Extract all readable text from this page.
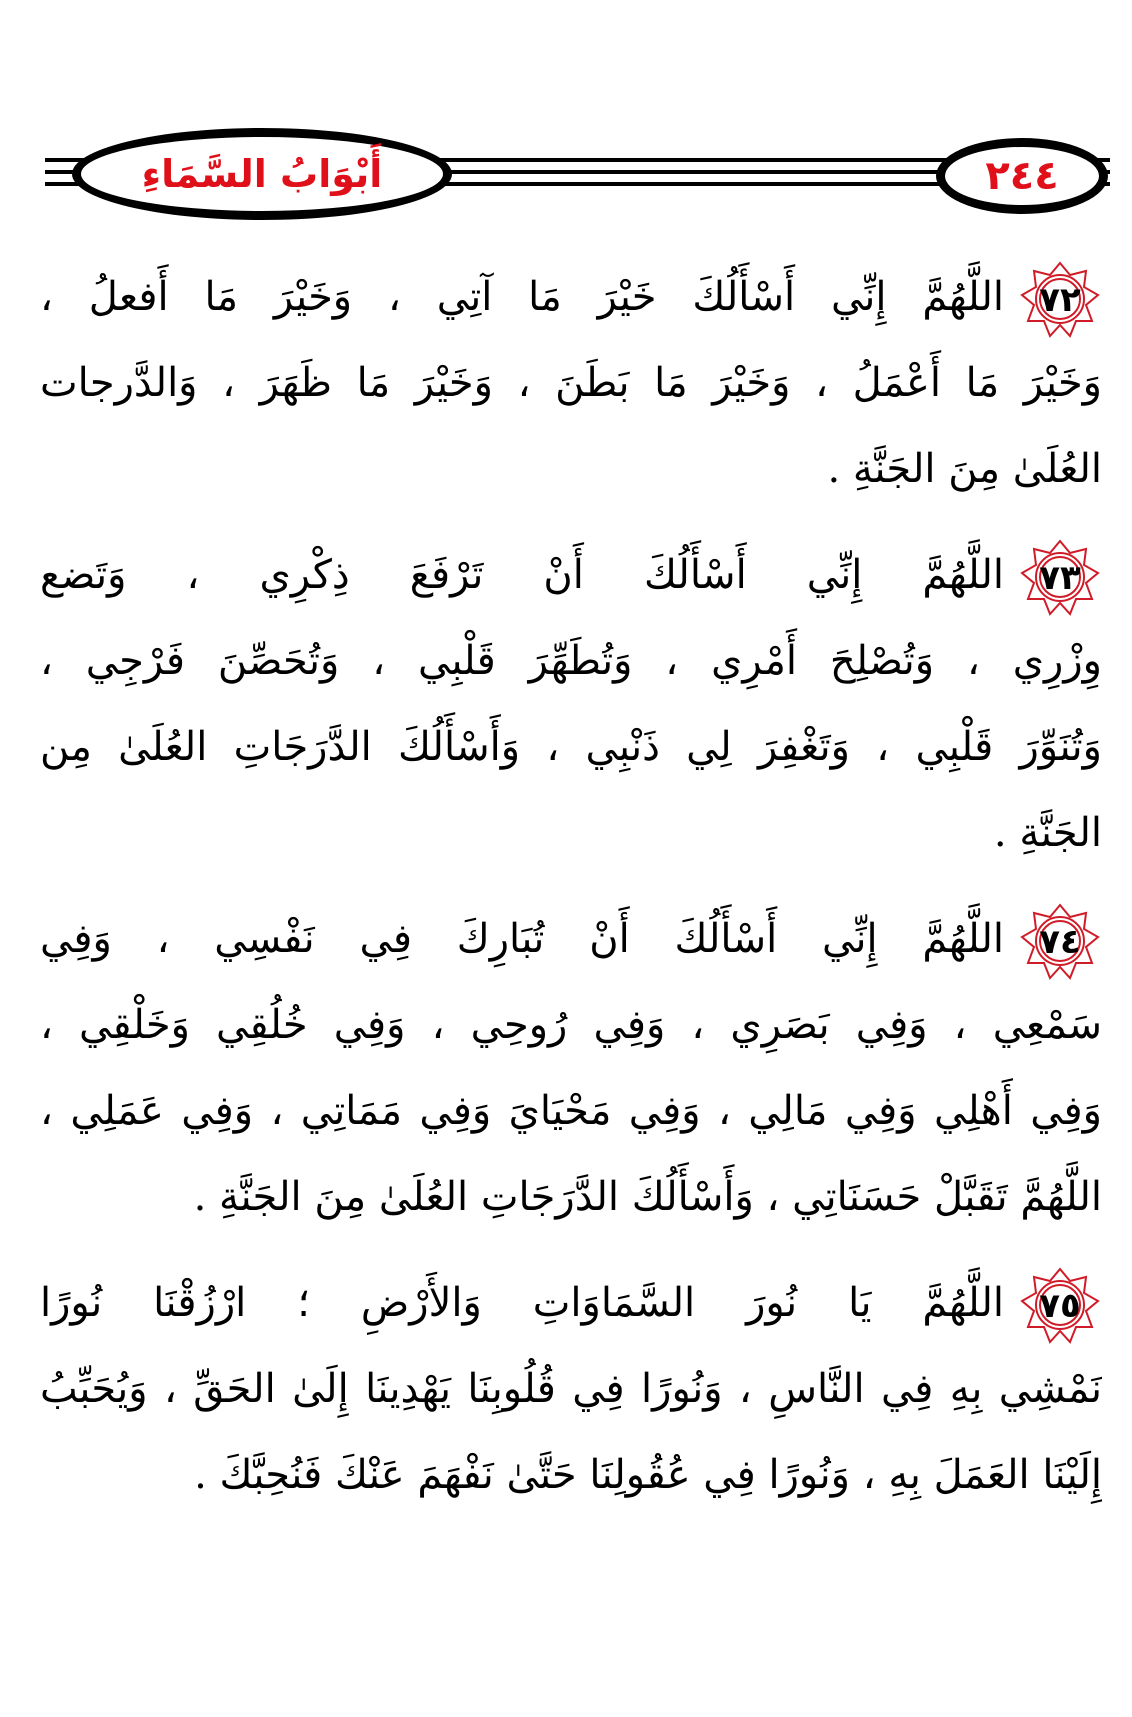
أَبْوَابُ السَّمَاءِ	٢٤٤
٧٢
اللَّهُمَّ إِنِّي أَسْأَلُكَ خَيْرَ مَا آتِي ، وَخَيْرَ مَا أَفعلُ ،
وَخَيْرَ مَا أَعْمَلُ ، وَخَيْرَ مَا بَطَنَ ، وَخَيْرَ مَا ظَهَرَ ، وَالدَّرجات
العُلَىٰ مِنَ الجَنَّةِ .
٧٣
اللَّهُمَّ إِنِّي أَسْأَلُكَ أَنْ تَرْفَعَ ذِكْرِي ، وَتَضع
وِزْرِي ، وَتُصْلِحَ أَمْرِي ، وَتُطَهِّرَ قَلْبِي ، وَتُحَصِّنَ فَرْجِي ،
وَتُنَوِّرَ قَلْبِي ، وَتَغْفِرَ لِي ذَنْبِي ، وَأَسْأَلُكَ الدَّرَجَاتِ العُلَىٰ مِن
الجَنَّةِ .
٧٤
اللَّهُمَّ إِنِّي أَسْأَلُكَ أَنْ تُبَارِكَ فِي نَفْسِي ، وَفِي
سَمْعِي ، وَفِي بَصَرِي ، وَفِي رُوحِي ، وَفِي خُلُقِي وَخَلْقِي ،
وَفِي أَهْلِي وَفِي مَالِي ، وَفِي مَحْيَايَ وَفِي مَمَاتِي ، وَفِي عَمَلِي ،
اللَّهُمَّ تَقَبَّلْ حَسَنَاتِي ، وَأَسْأَلُكَ الدَّرَجَاتِ العُلَىٰ مِنَ الجَنَّةِ .
٧٥
اللَّهُمَّ يَا نُورَ السَّمَاوَاتِ وَالأَرْضِ ؛ ارْزُقْنَا نُورًا
نَمْشِي بِهِ فِي النَّاسِ ، وَنُورًا فِي قُلُوبِنَا يَهْدِينَا إِلَىٰ الحَقِّ ، وَيُحَبِّبُ
إِلَيْنَا العَمَلَ بِهِ ، وَنُورًا فِي عُقُولِنَا حَتَّىٰ نَفْهَمَ عَنْكَ فَنُحِبَّكَ .
